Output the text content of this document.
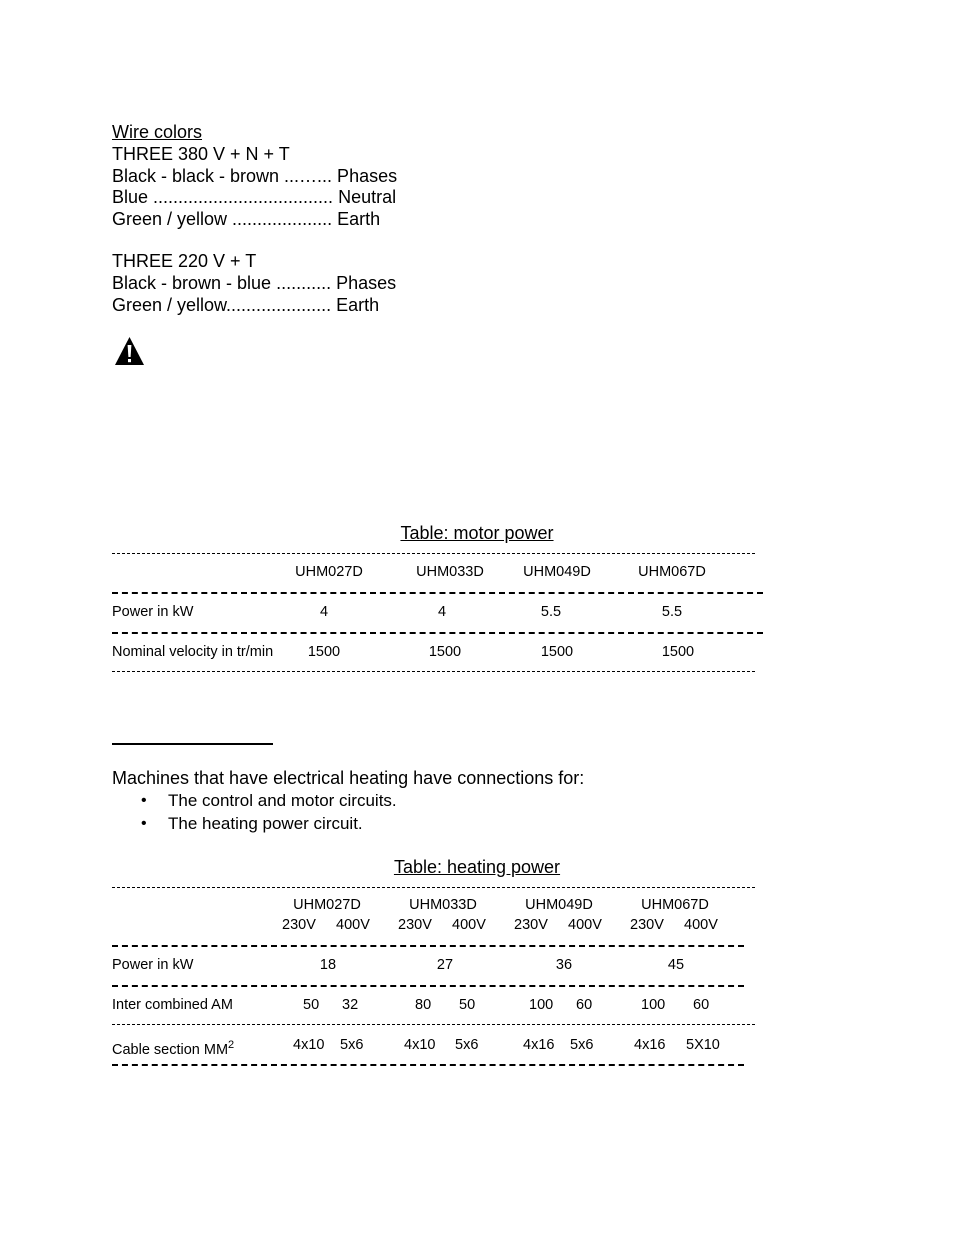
Wire colors
THREE 380 V + N + T
Black - black - brown ...…... Phases
Blue .................................... Neutral
Green / yellow .................... Earth
THREE 220 V + T
Black - brown - blue ........... Phases
Green / yellow..................... Earth
Table: motor power
UHM027D	UHM033D	UHM049D	UHM067D
Power in kW	4	4	5.5	5.5
Nominal velocity in tr/min	1500	1500	1500	1500
Machines that have electrical heating have connections for:
• The control and motor circuits.
• The heating power circuit.
Table: heating power
UHM027D	UHM033D	UHM049D	UHM067D
230V 400V 230V 400V 230V 400V 230V 400V
Power in kW	18	27	36	45
Inter combined AM	50 32	80 50	100 60	100 60
Cable section $MM^2$	4x10 5x6	4x10 5x6	4x16 5x6	4x16 5X10
